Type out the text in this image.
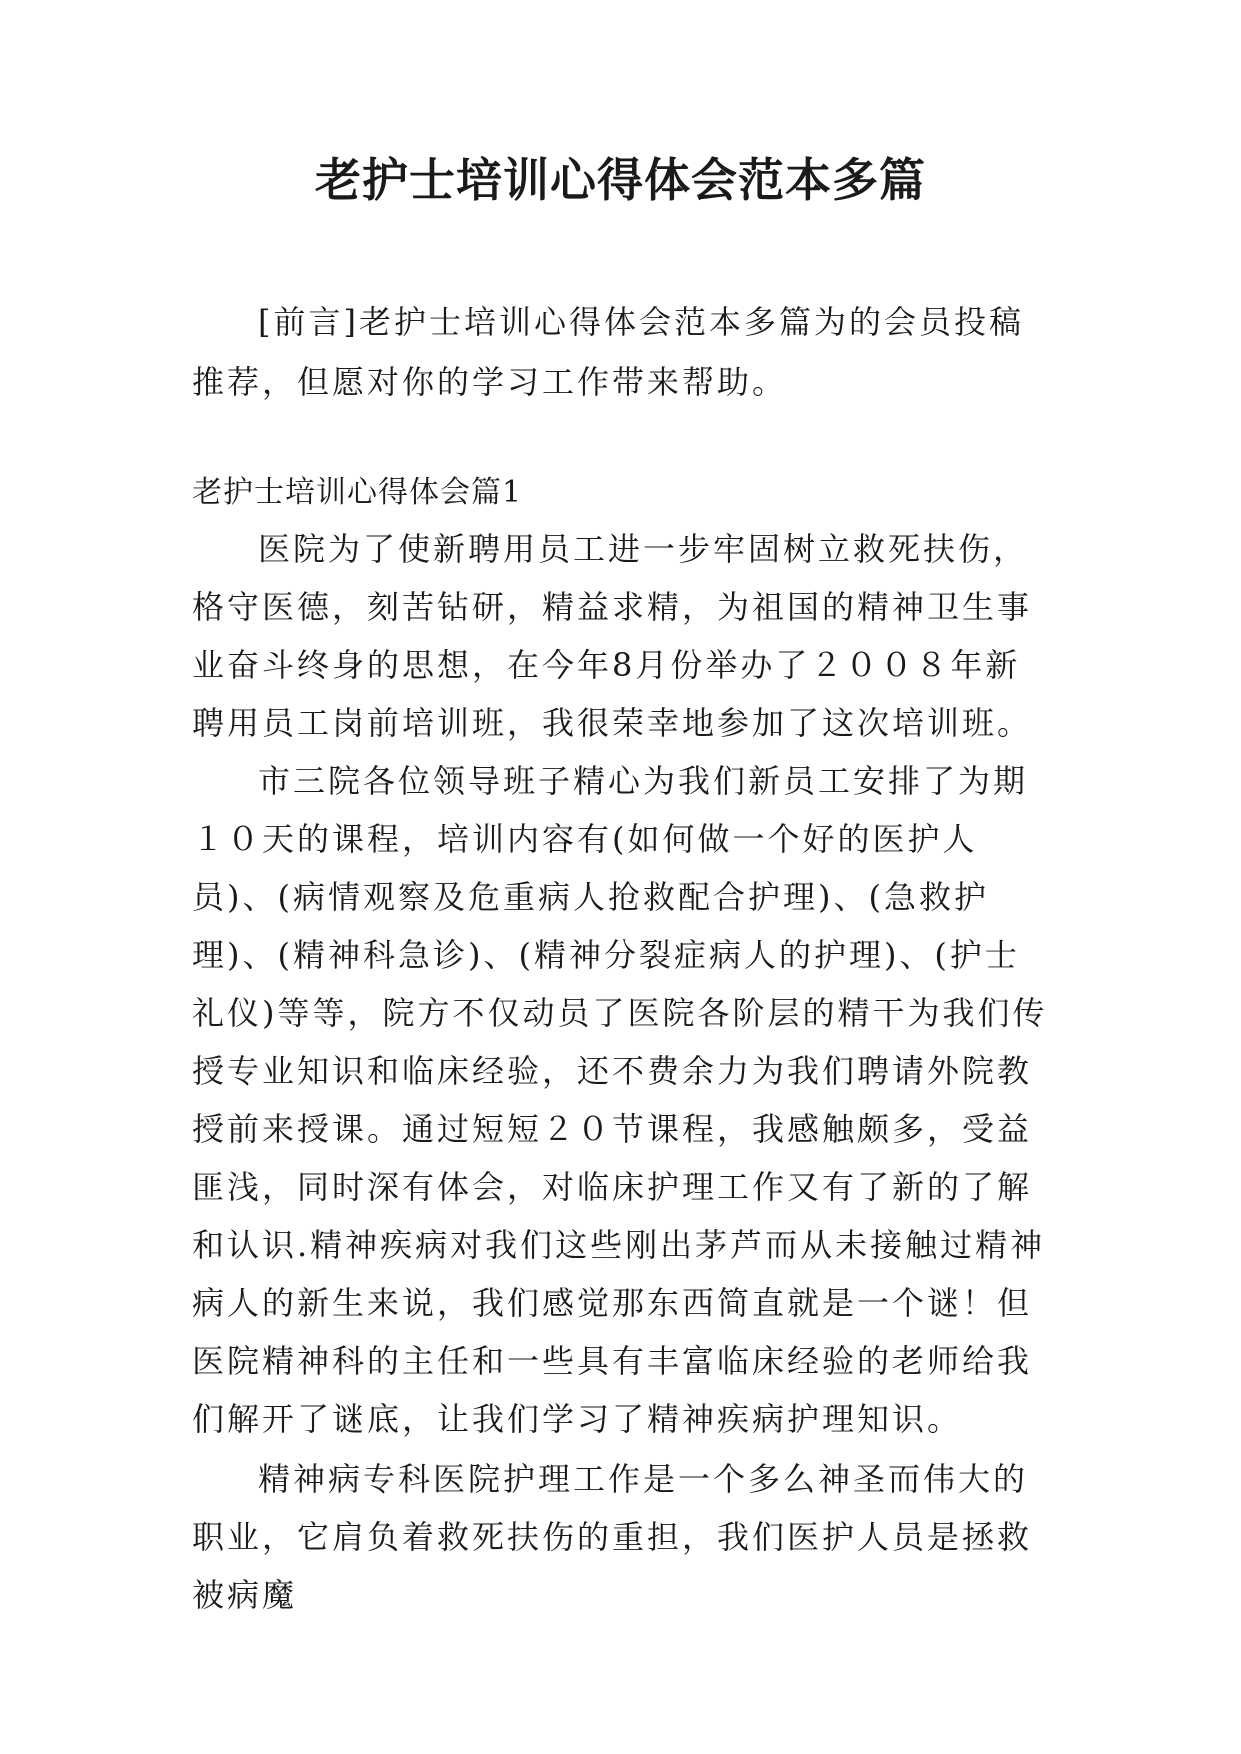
老护士培训心得体会范本多篇

[前言]老护士培训心得体会范本多篇为的会员投稿推荐，但愿对你的学习工作带来帮助。

老护士培训心得体会篇1

医院为了使新聘用员工进一步牢固树立救死扶伤，格守医德，刻苦钻研，精益求精，为祖国的精神卫生事业奋斗终身的思想，在今年8月份举办了２００８年新聘用员工岗前培训班，我很荣幸地参加了这次培训班。

市三院各位领导班子精心为我们新员工安排了为期１０天的课程，培训内容有(如何做一个好的医护人员)、(病情观察及危重病人抢救配合护理)、(急救护理)、(精神科急诊)、(精神分裂症病人的护理)、(护士礼仪)等等，院方不仅动员了医院各阶层的精干为我们传授专业知识和临床经验，还不费余力为我们聘请外院教授前来授课。通过短短２０节课程，我感触颇多，受益匪浅，同时深有体会，对临床护理工作又有了新的了解和认识.精神疾病对我们这些刚出茅芦而从未接触过精神病人的新生来说，我们感觉那东西简直就是一个谜！但医院精神科的主任和一些具有丰富临床经验的老师给我们解开了谜底，让我们学习了精神疾病护理知识。

精神病专科医院护理工作是一个多么神圣而伟大的职业，它肩负着救死扶伤的重担，我们医护人员是拯救被病魔
